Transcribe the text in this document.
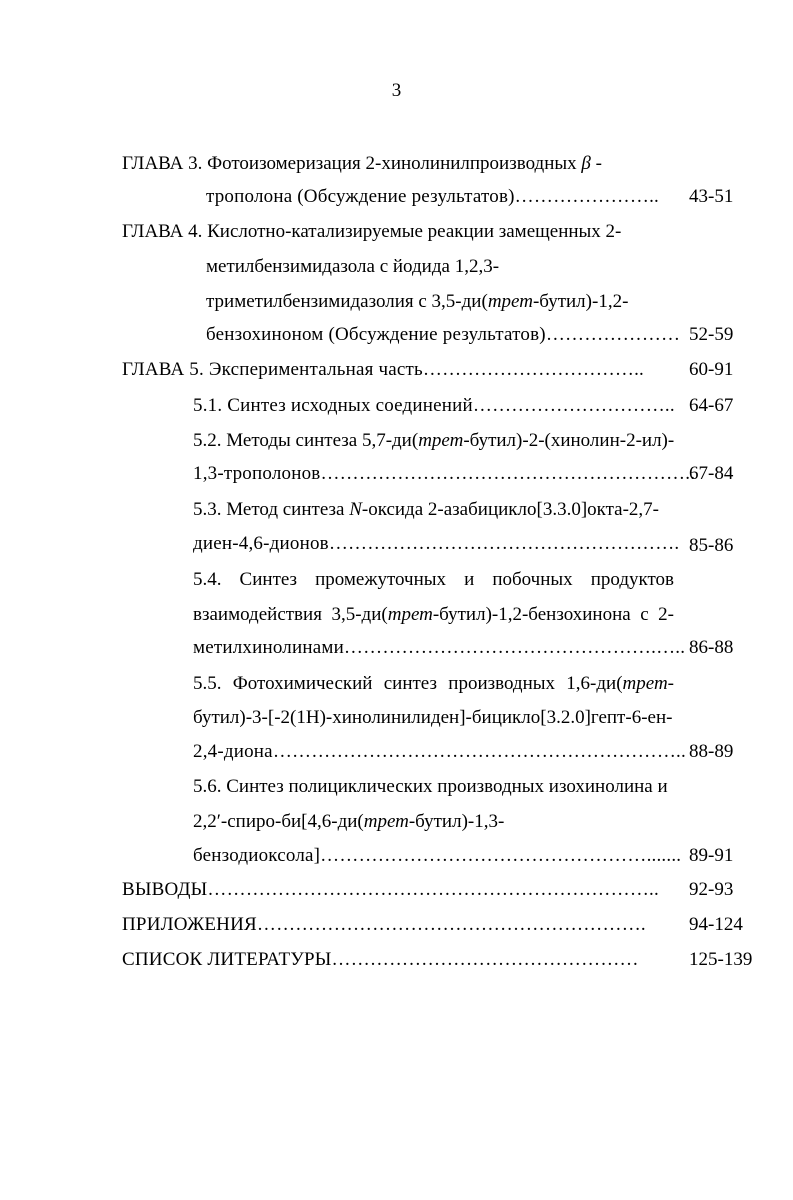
3
ГЛАВА 3. Фотоизомеризация 2-хинолинилпроизводных β -
трополона (Обсуждение результатов)………………….. 43-51
ГЛАВА 4. Кислотно-катализируемые реакции замещенных 2-
метилбензимидазола с йодида 1,2,3-
триметилбензимидазолия с 3,5-ди(трет-бутил)-1,2-
бензохиноном (Обсуждение результатов)………………… 52-59
ГЛАВА 5. Экспериментальная часть…………………………….. 60-91
5.1. Синтез исходных соединений………………………….. 64-67
5.2. Методы синтеза 5,7-ди(трет-бутил)-2-(хинолин-2-ил)-
1,3-трополонов…………………………………………………..
67-84
5.3. Метод синтеза N-оксида 2-азабицикло[3.3.0]окта-2,7-
диен-4,6-дионов………………………………………………. 85-86
5.4. Синтез промежуточных и побочных продуктов
взаимодействия 3,5-ди(трет-бутил)-1,2-бензохинона с 2-
метилхинолинами………………………………………….….. 86-88
5.5. Фотохимический синтез производных 1,6-ди(трет-
бутил)-3-[-2(1H)-хинолинилиден]-бицикло[3.2.0]гепт-6-ен-
2,4-диона……………………………………………………….. 88-89
5.6. Синтез полициклических производных изохинолина и
2,2′-спиро-би[4,6-ди(трет-бутил)-1,3-
бензодиоксола]……………………………………………....... 89-91
ВЫВОДЫ…………………………………………………………….. 92-93
ПРИЛОЖЕНИЯ……………………………………………………. 94-124
СПИСОК ЛИТЕРАТУРЫ…………………………………………	125-139
